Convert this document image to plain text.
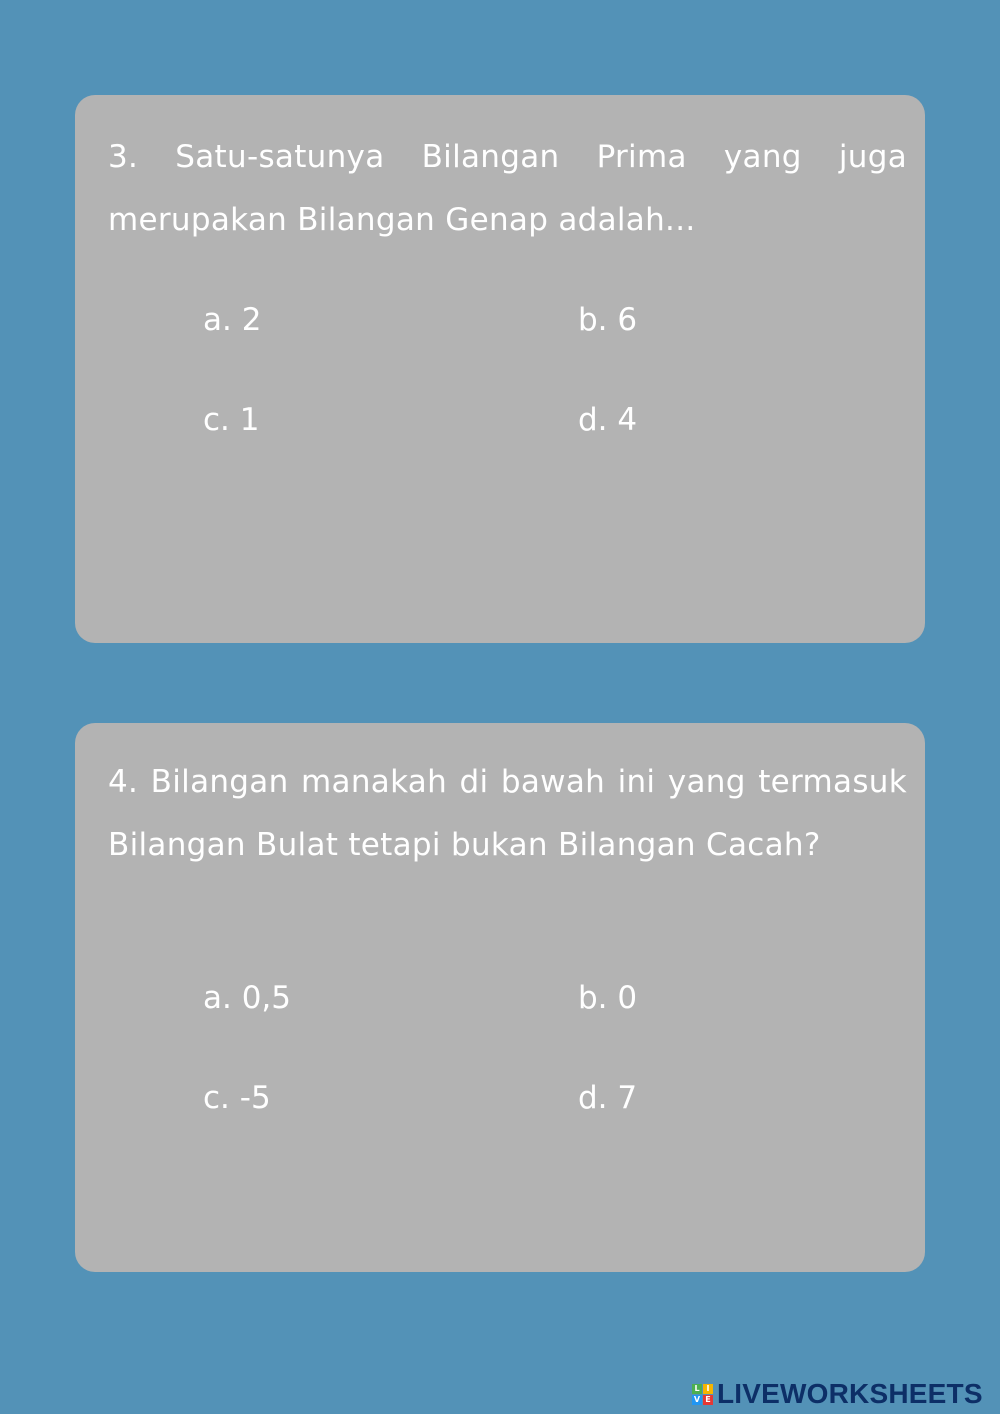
3. Satu-satunya Bilangan Prima yang juga merupakan Bilangan Genap adalah...

a. 2	b. 6
c. 1	d. 4

4. Bilangan manakah di bawah ini yang termasuk Bilangan Bulat tetapi bukan Bilangan Cacah?

a. 0,5	b. 0
c. -5	d. 7
L I
V E LIVEWORKSHEETS
